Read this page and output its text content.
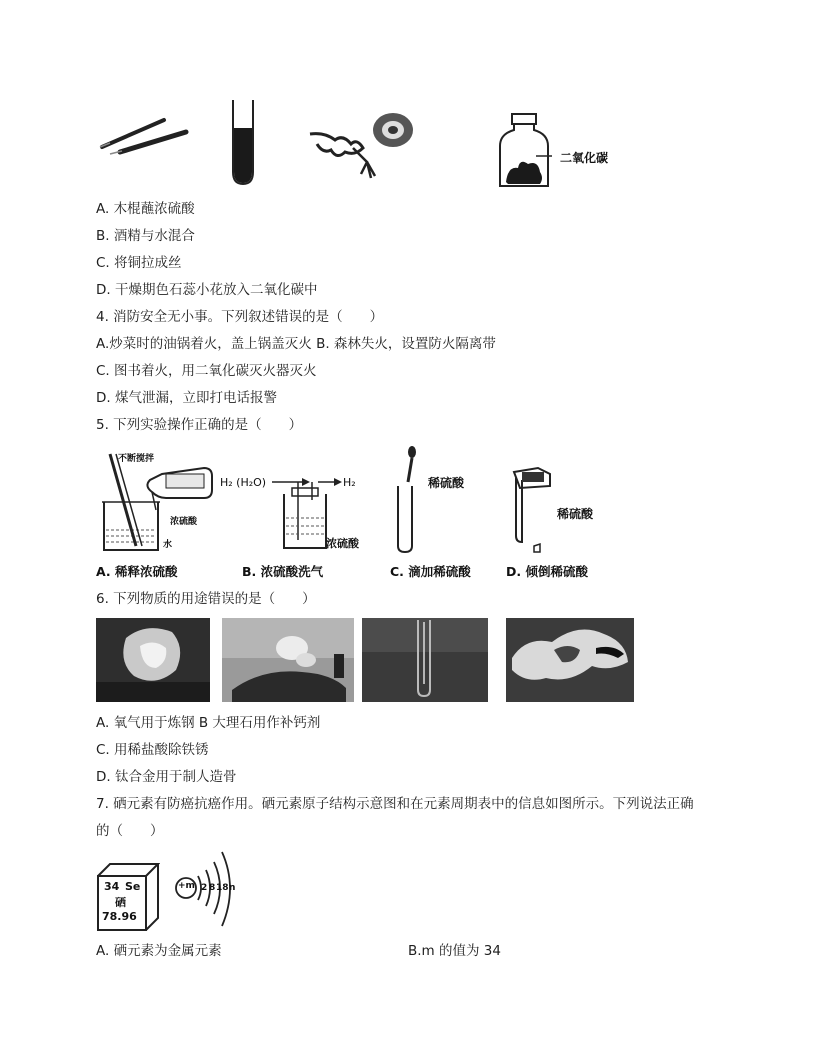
二氧化碳
A. 木棍蘸浓硫酸
B. 酒精与水混合
C. 将铜拉成丝
D. 干燥期色石蕊小花放入二氧化碳中
4. 消防安全无小事。下列叙述错误的是（　　）
A.炒菜时的油锅着火，盖上锅盖灭火 B. 森林失火，设置防火隔离带
C. 图书着火，用二氧化碳灭火器灭火
D. 煤气泄漏，立即打电话报警
5. 下列实验操作正确的是（　　）
不断搅拌
浓硫酸
水
H₂ (H₂O)	H₂
浓硫酸
稀硫酸
稀硫酸
A. 稀释浓硫酸	B. 浓硫酸洗气	C. 滴加稀硫酸	D. 倾倒稀硫酸
6. 下列物质的用途错误的是（　　）
A. 氧气用于炼钢 B 大理石用作补钙剂
C. 用稀盐酸除铁锈
D. 钛合金用于制人造骨
7. 硒元素有防癌抗癌作用。硒元素原子结构示意图和在元素周期表中的信息如图所示。下列说法正确
的（　　）
34 Se
硒
78.96
+m 2 8 18 n
A. 硒元素为金属元素	B.m 的值为 34
